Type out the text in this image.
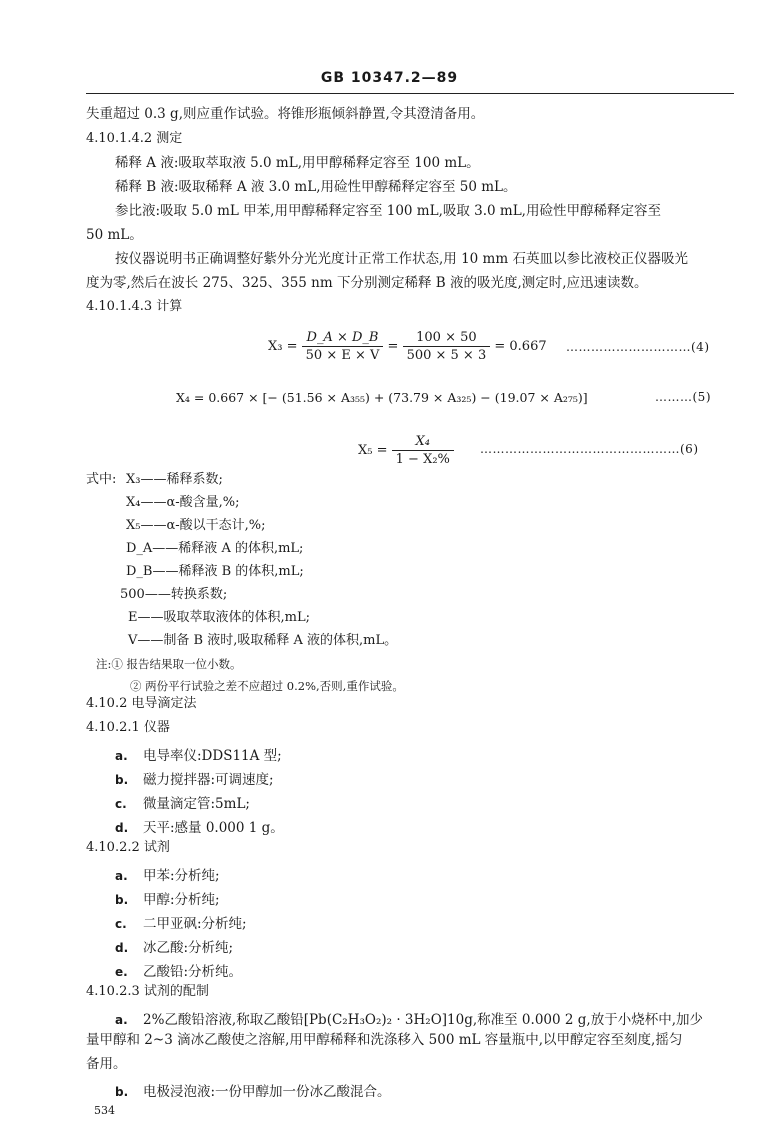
GB 10347.2—89
失重超过 0.3 g,则应重作试验。将锥形瓶倾斜静置,令其澄清备用。
4.10.1.4.2 测定
稀释 A 液:吸取萃取液 5.0 mL,用甲醇稀释定容至 100 mL。
稀释 B 液:吸取稀释 A 液 3.0 mL,用硷性甲醇稀释定容至 50 mL。
参比液:吸取 5.0 mL 甲苯,用甲醇稀释定容至 100 mL,吸取 3.0 mL,用硷性甲醇稀释定容至
50 mL。
按仪器说明书正确调整好紫外分光光度计正常工作状态,用 10 mm 石英皿以参比液校正仪器吸光
度为零,然后在波长 275、325、355 nm 下分别测定稀释 B 液的吸光度,测定时,应迅速读数。
4.10.1.4.3 计算
$X_3 = \frac{D\_A \times D\_B}{50 \times E \times V} = \frac{100 \times 50}{500 \times 5 \times 3} = 0.667$ …………………………(4)
X₄ = 0.667 × [− (51.56 × A₃₅₅) + (73.79 × A₃₂₅) − (19.07 × A₂₇₅)]	………(5)
$X_5 = \frac{\text{X₄}}{\text{1 − X₂\%}}$ …………………………………………(6)
式中: X₃——稀释系数;
X₄——α-酸含量,%;
X₅——α-酸以干态计,%;
D_A——稀释液 A 的体积,mL;
D_B——稀释液 B 的体积,mL;
500——转换系数;
E——吸取萃取液体的体积,mL;
V——制备 B 液时,吸取稀释 A 液的体积,mL。
注:① 报告结果取一位小数。
② 两份平行试验之差不应超过 0.2%,否则,重作试验。
4.10.2 电导滴定法
4.10.2.1 仪器
a. 电导率仪:DDS11A 型;
b. 磁力搅拌器:可调速度;
c. 微量滴定管:5mL;
d. 天平:感量 0.000 1 g。
4.10.2.2 试剂
a. 甲苯:分析纯;
b. 甲醇:分析纯;
c. 二甲亚砜:分析纯;
d. 冰乙酸:分析纯;
e. 乙酸铅:分析纯。
4.10.2.3 试剂的配制
a. 2%乙酸铅溶液,称取乙酸铅[Pb(C₂H₃O₂)₂ · 3H₂O]10g,称准至 0.000 2 g,放于小烧杯中,加少
量甲醇和 2~3 滴冰乙酸使之溶解,用甲醇稀释和洗涤移入 500 mL 容量瓶中,以甲醇定容至刻度,摇匀
备用。
b. 电极浸泡液:一份甲醇加一份冰乙酸混合。
534
